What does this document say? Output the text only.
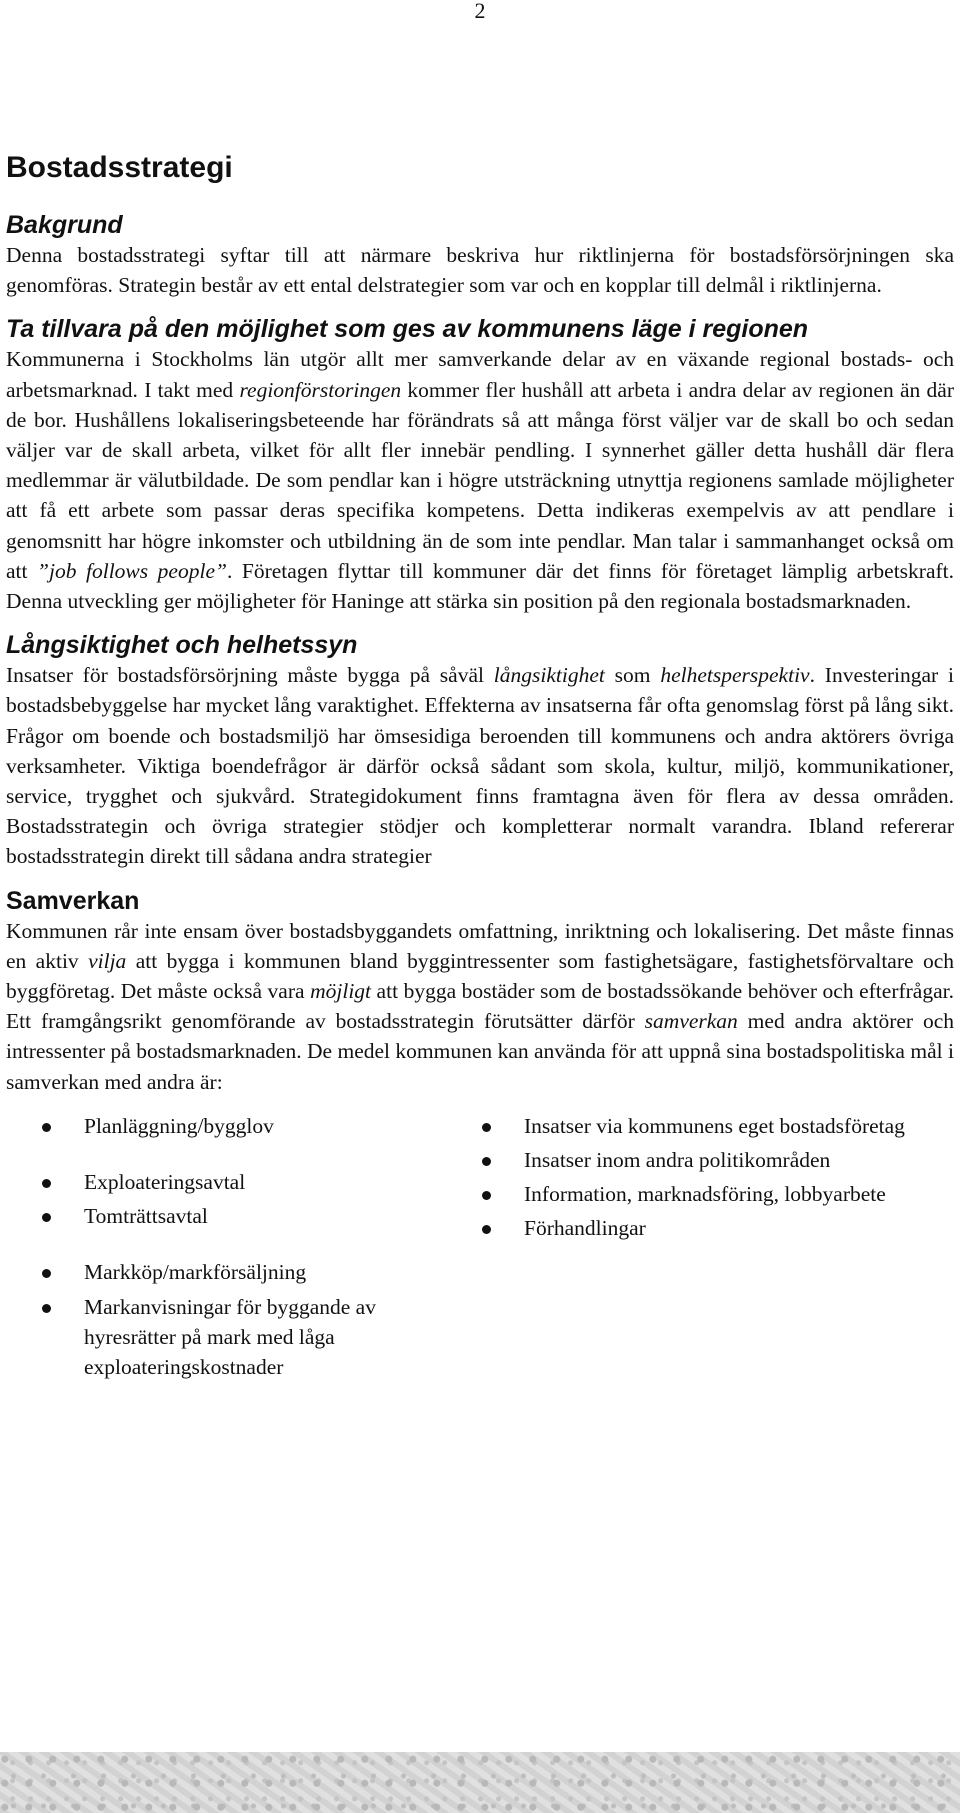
2
Bostadsstrategi
Bakgrund

Denna bostadsstrategi syftar till att närmare beskriva hur riktlinjerna för bostadsförsörjningen ska genomföras. Strategin består av ett ental delstrategier som var och en kopplar till delmål i riktlinjerna.

Ta tillvara på den möjlighet som ges av kommunens läge i regionen

Kommunerna i Stockholms län utgör allt mer samverkande delar av en växande regional bostads- och arbetsmarknad. I takt med regionförstoringen kommer fler hushåll att arbeta i andra delar av regionen än där de bor. Hushållens lokaliseringsbeteende har förändrats så att många först väljer var de skall bo och sedan väljer var de skall arbeta, vilket för allt fler innebär pendling. I synnerhet gäller detta hushåll där flera medlemmar är välutbildade. De som pendlar kan i högre utsträckning utnyttja regionens samlade möjligheter att få ett arbete som passar deras specifika kompetens. Detta indikeras exempelvis av att pendlare i genomsnitt har högre inkomster och utbildning än de som inte pendlar. Man talar i sammanhanget också om att ”job follows people”. Företagen flyttar till kommuner där det finns för företaget lämplig arbetskraft. Denna utveckling ger möjligheter för Haninge att stärka sin position på den regionala bostadsmarknaden.

Långsiktighet och helhetssyn

Insatser för bostadsförsörjning måste bygga på såväl långsiktighet som helhetsperspektiv. Investeringar i bostadsbebyggelse har mycket lång varaktighet. Effekterna av insatserna får ofta genomslag först på lång sikt. Frågor om boende och bostadsmiljö har ömsesidiga beroenden till kommunens och andra aktörers övriga verksamheter. Viktiga boendefrågor är därför också sådant som skola, kultur, miljö, kommunikationer, service, trygghet och sjukvård. Strategidokument finns framtagna även för flera av dessa områden. Bostadsstrategin och övriga strategier stödjer och kompletterar normalt varandra. Ibland refererar bostadsstrategin direkt till sådana andra strategier

Samverkan

Kommunen rår inte ensam över bostadsbyggandets omfattning, inriktning och lokalisering. Det måste finnas en aktiv vilja att bygga i kommunen bland byggintressenter som fastighetsägare, fastighetsförvaltare och byggföretag. Det måste också vara möjligt att bygga bostäder som de bostadssökande behöver och efterfrågar. Ett framgångsrikt genomförande av bostadsstrategin förutsätter därför samverkan med andra aktörer och intressenter på bostadsmarknaden. De medel kommunen kan använda för att uppnå sina bostadspolitiska mål i samverkan med andra är:

Planläggning/bygglov
Exploateringsavtal
Tomträttsavtal
Markköp/markförsäljning
Markanvisningar för byggande av hyresrätter på mark med låga exploateringskostnader
Insatser via kommunens eget bostadsföretag
Insatser inom andra politikområden
Information, marknadsföring, lobbyarbete
Förhandlingar
